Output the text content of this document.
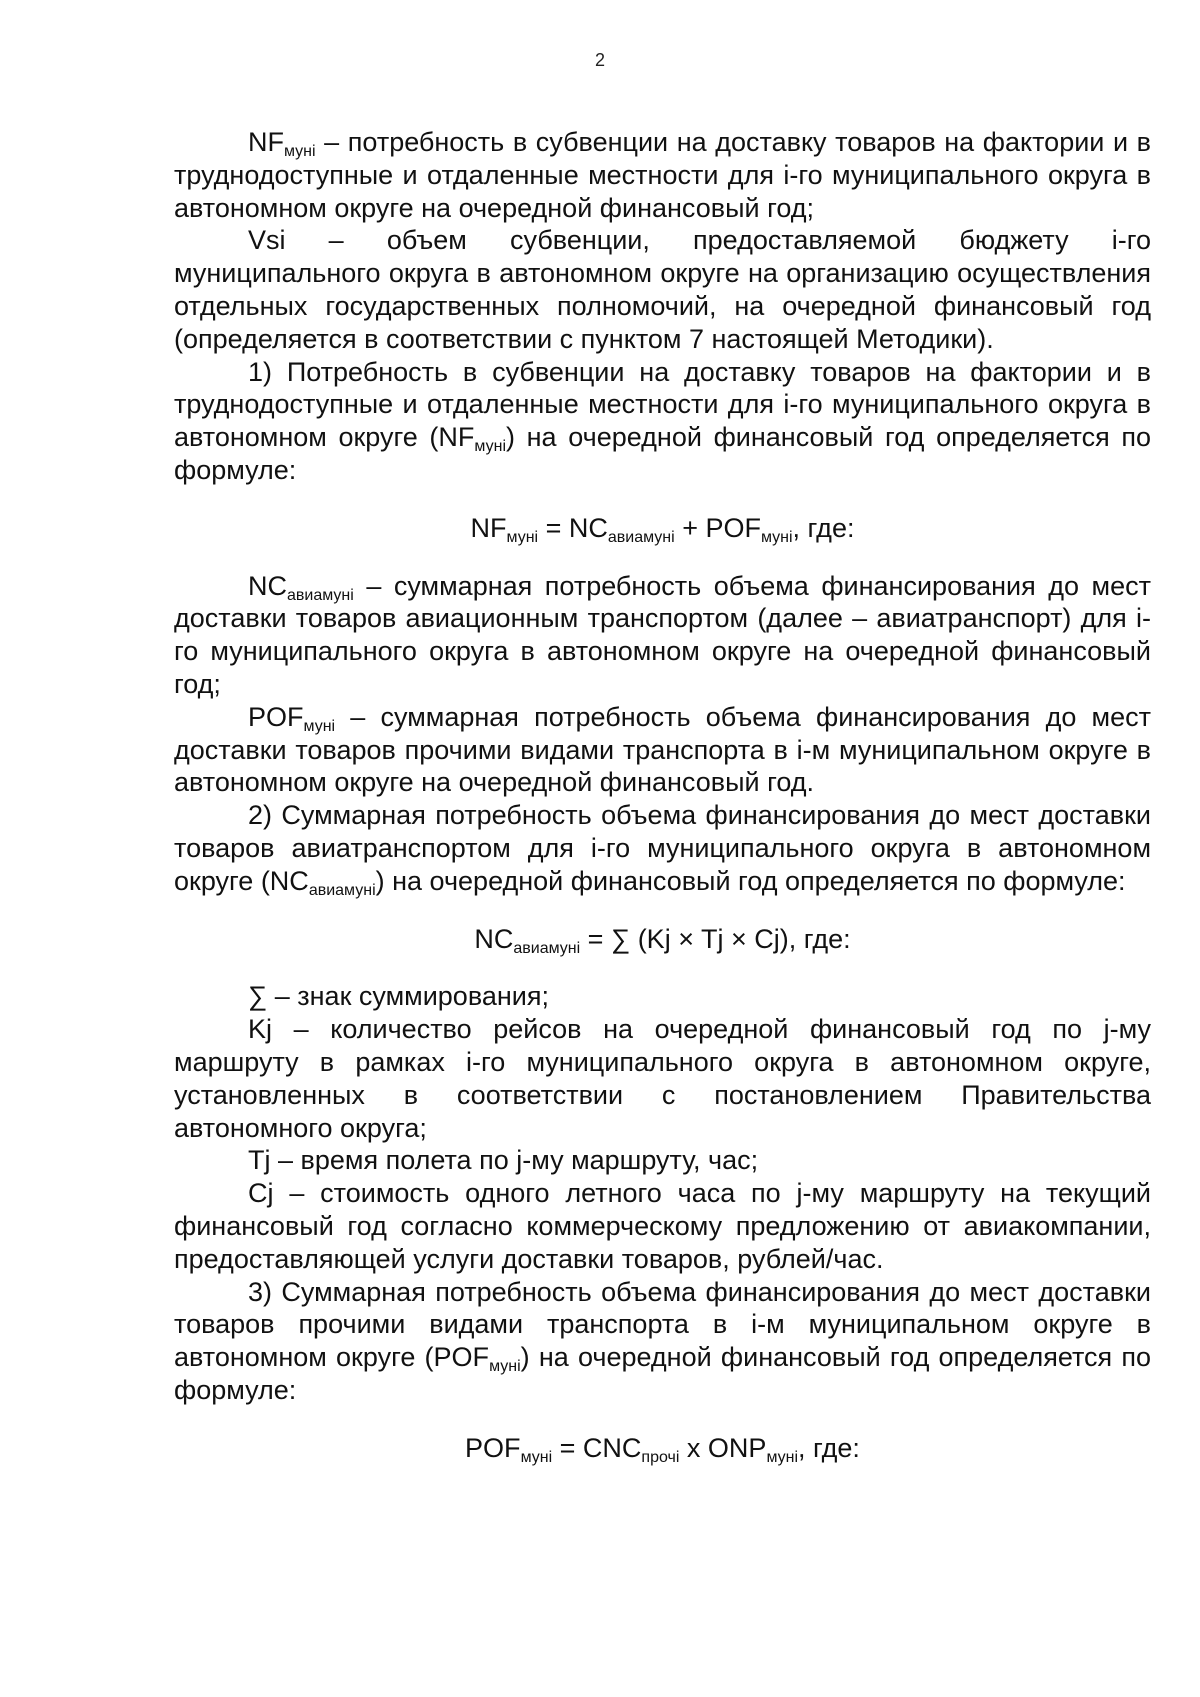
2

$NF_{муні}$ – потребность в субвенции на доставку товаров на фактории и в труднодоступные и отдаленные местности для i-го муниципального округа в автономном округе на очередной финансовый год;

Vsi – объем субвенции, предоставляемой бюджету i-го муниципального округа в автономном округе на организацию осуществления отдельных государственных полномочий, на очередной финансовый год (определяется в соответствии с пунктом 7 настоящей Методики).

1) Потребность в субвенции на доставку товаров на фактории и в труднодоступные и отдаленные местности для i-го муниципального округа в автономном округе $(NF_{муні})$ на очередной финансовый год определяется по формуле:

$NF_{муні} = NC_{авиамуні} + POF_{муні}$, где:

$NC_{авиамуні}$ – суммарная потребность объема финансирования до мест доставки товаров авиационным транспортом (далее – авиатранспорт) для i-го муниципального округа в автономном округе на очередной финансовый год;

$POF_{муні}$ – суммарная потребность объема финансирования до мест доставки товаров прочими видами транспорта в i-м муниципальном округе в автономном округе на очередной финансовый год.

2) Суммарная потребность объема финансирования до мест доставки товаров авиатранспортом для i-го муниципального округа в автономном округе $(NC_{авиамуні})$ на очередной финансовый год определяется по формуле:

$NC_{авиамуні}$ = ∑ (Kj × Tj × Cj), где:

∑ – знак суммирования;

Kj – количество рейсов на очередной финансовый год по j-му маршруту в рамках i-го муниципального округа в автономном округе, установленных в соответствии с постановлением Правительства автономного округа;

Tj – время полета по j-му маршруту, час;

Cj – стоимость одного летного часа по j-му маршруту на текущий финансовый год согласно коммерческому предложению от авиакомпании, предоставляющей услуги доставки товаров, рублей/час.

3) Суммарная потребность объема финансирования до мест доставки товаров прочими видами транспорта в i-м муниципальном округе в автономном округе $(POF_{муні})$ на очередной финансовый год определяется по формуле:

$POF_{муні} = CNC_{прочі}$ x $ONP_{муні}$, где:
